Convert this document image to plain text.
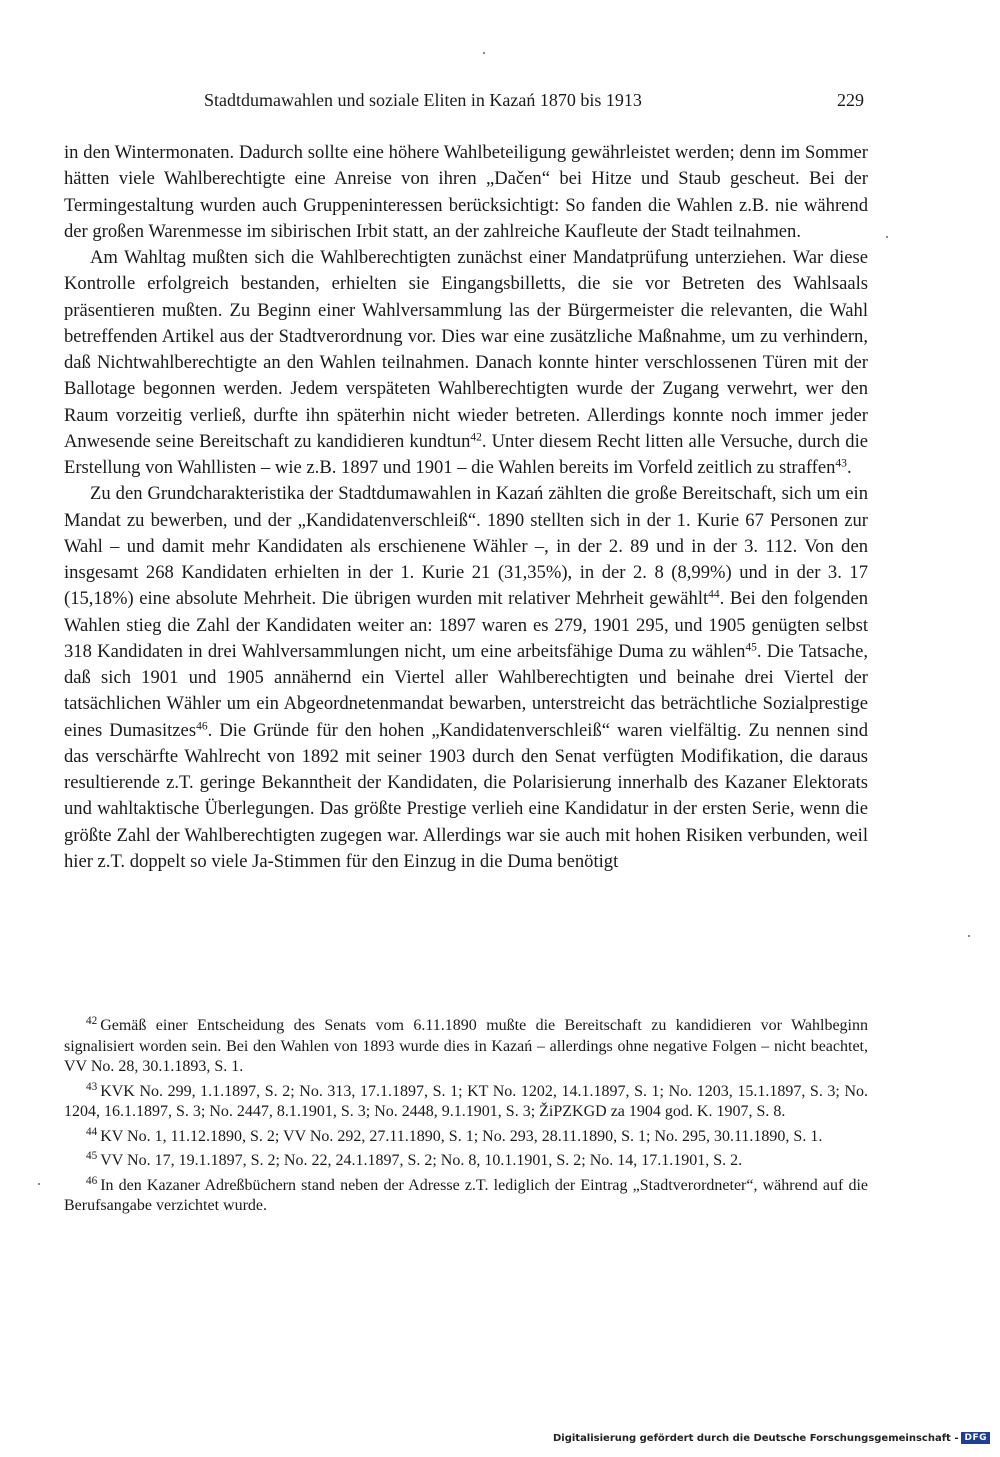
Stadtdumawahlen und soziale Eliten in Kazań 1870 bis 1913	229

in den Wintermonaten. Dadurch sollte eine höhere Wahlbeteiligung gewährleistet werden; denn im Sommer hätten viele Wahlberechtigte eine Anreise von ihren „Dačen“ bei Hitze und Staub gescheut. Bei der Termingestaltung wurden auch Gruppeninteressen berücksichtigt: So fanden die Wahlen z.B. nie während der großen Warenmesse im sibirischen Irbit statt, an der zahlreiche Kaufleute der Stadt teilnahmen.

Am Wahltag mußten sich die Wahlberechtigten zunächst einer Mandatprüfung unterziehen. War diese Kontrolle erfolgreich bestanden, erhielten sie Eingangsbilletts, die sie vor Betreten des Wahlsaals präsentieren mußten. Zu Beginn einer Wahlversammlung las der Bürgermeister die relevanten, die Wahl betreffenden Artikel aus der Stadtverordnung vor. Dies war eine zusätzliche Maßnahme, um zu verhindern, daß Nichtwahlberechtigte an den Wahlen teilnahmen. Danach konnte hinter verschlossenen Türen mit der Ballotage begonnen werden. Jedem verspäteten Wahlberechtigten wurde der Zugang verwehrt, wer den Raum vorzeitig verließ, durfte ihn späterhin nicht wieder betreten. Allerdings konnte noch immer jeder Anwesende seine Bereitschaft zu kandidieren kundtun$^{42}$. Unter diesem Recht litten alle Versuche, durch die Erstellung von Wahllisten – wie z.B. 1897 und 1901 – die Wahlen bereits im Vorfeld zeitlich zu straffen$^{43}$.

Zu den Grundcharakteristika der Stadtdumawahlen in Kazań zählten die große Bereitschaft, sich um ein Mandat zu bewerben, und der „Kandidatenverschleiß“. 1890 stellten sich in der 1. Kurie 67 Personen zur Wahl – und damit mehr Kandidaten als erschienene Wähler –, in der 2. 89 und in der 3. 112. Von den insgesamt 268 Kandidaten erhielten in der 1. Kurie 21 (31,35%), in der 2. 8 (8,99%) und in der 3. 17 (15,18%) eine absolute Mehrheit. Die übrigen wurden mit relativer Mehrheit gewählt$^{44}$. Bei den folgenden Wahlen stieg die Zahl der Kandidaten weiter an: 1897 waren es 279, 1901 295, und 1905 genügten selbst 318 Kandidaten in drei Wahlversammlungen nicht, um eine arbeitsfähige Duma zu wählen$^{45}$. Die Tatsache, daß sich 1901 und 1905 annähernd ein Viertel aller Wahlberechtigten und beinahe drei Viertel der tatsächlichen Wähler um ein Abgeordnetenmandat bewarben, unterstreicht das beträchtliche Sozialprestige eines Dumasitzes$^{46}$. Die Gründe für den hohen „Kandidatenverschleiß“ waren vielfältig. Zu nennen sind das verschärfte Wahlrecht von 1892 mit seiner 1903 durch den Senat verfügten Modifikation, die daraus resultierende z.T. geringe Bekanntheit der Kandidaten, die Polarisierung innerhalb des Kazaner Elektorats und wahltaktische Überlegungen. Das größte Prestige verlieh eine Kandidatur in der ersten Serie, wenn die größte Zahl der Wahlberechtigten zugegen war. Allerdings war sie auch mit hohen Risiken verbunden, weil hier z.T. doppelt so viele Ja-Stimmen für den Einzug in die Duma benötigt

$^{42}$ Gemäß einer Entscheidung des Senats vom 6.11.1890 mußte die Bereitschaft zu kandidieren vor Wahlbeginn signalisiert worden sein. Bei den Wahlen von 1893 wurde dies in Kazań – allerdings ohne negative Folgen – nicht beachtet, VV No. 28, 30.1.1893, S. 1.
$^{43}$ KVK No. 299, 1.1.1897, S. 2; No. 313, 17.1.1897, S. 1; KT No. 1202, 14.1.1897, S. 1; No. 1203, 15.1.1897, S. 3; No. 1204, 16.1.1897, S. 3; No. 2447, 8.1.1901, S. 3; No. 2448, 9.1.1901, S. 3; ŽiPZKGD za 1904 god. K. 1907, S. 8.
$^{44}$ KV No. 1, 11.12.1890, S. 2; VV No. 292, 27.11.1890, S. 1; No. 293, 28.11.1890, S. 1; No. 295, 30.11.1890, S. 1.
$^{45}$ VV No. 17, 19.1.1897, S. 2; No. 22, 24.1.1897, S. 2; No. 8, 10.1.1901, S. 2; No. 14, 17.1.1901, S. 2.
$^{46}$ In den Kazaner Adreßbüchern stand neben der Adresse z.T. lediglich der Eintrag „Stadtverordneter“, während auf die Berufsangabe verzichtet wurde.
Digitalisierung gefördert durch die Deutsche Forschungsgemeinschaft - DFG
